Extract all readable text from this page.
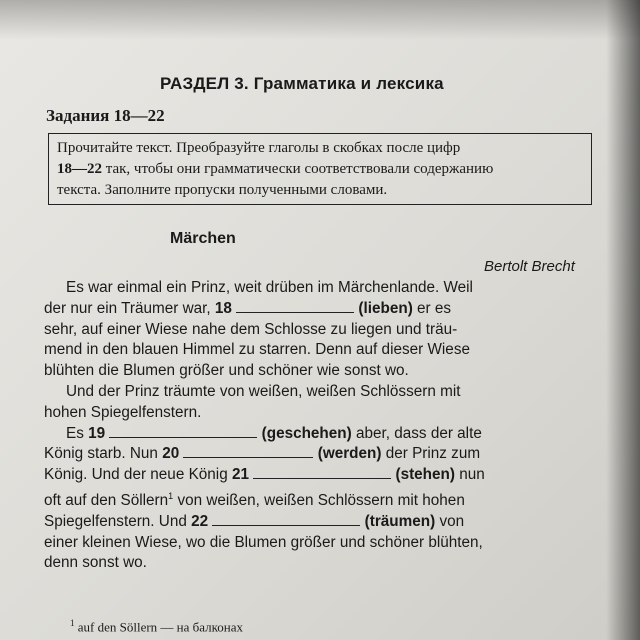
РАЗДЕЛ 3. Грамматика и лексика
Задания 18—22
Прочитайте текст. Преобразуйте глаголы в скобках после цифр
18—22 так, чтобы они грамматически соответствовали содержанию
текста. Заполните пропуски полученными словами.
Märchen
Bertolt Brecht
Es war einmal ein Prinz, weit drüben im Märchenlande. Weil
der nur ein Träumer war, 18	(lieben) er es
sehr, auf einer Wiese nahe dem Schlosse zu liegen und träu-
mend in den blauen Himmel zu starren. Denn auf dieser Wiese
blühten die Blumen größer und schöner wie sonst wo.
Und der Prinz träumte von weißen, weißen Schlössern mit
hohen Spiegelfenstern.
Es 19	(geschehen) aber, dass der alte
König starb. Nun 20	(werden) der Prinz zum
König. Und der neue König 21	(stehen) nun
oft auf den Söllern$^1$ von weißen, weißen Schlössern mit hohen
Spiegelfenstern. Und 22	(träumen) von
einer kleinen Wiese, wo die Blumen größer und schöner blühten,
denn sonst wo.
$^1$ auf den Söllern — на балконах
